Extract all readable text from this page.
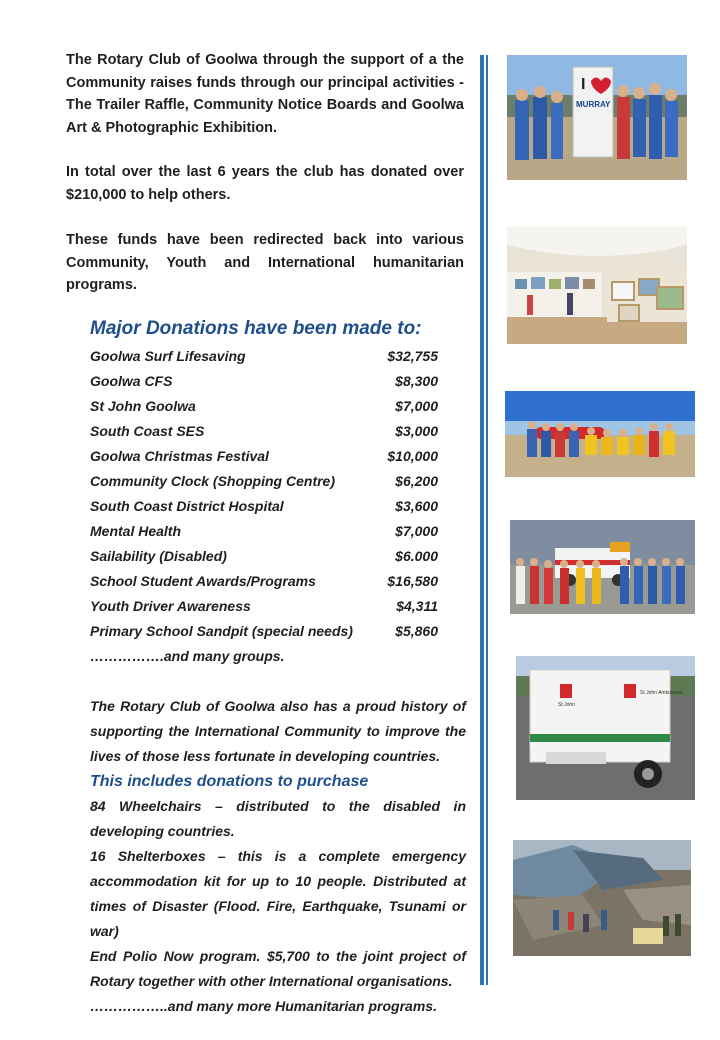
The Rotary Club of Goolwa through the support of a the Community raises funds through our principal activities - The Trailer Raffle, Community Notice Boards and Goolwa Art & Photographic Exhibition.

In total over the last 6 years the club has donated over $210,000 to help others.

These funds have been redirected back into various Community, Youth and International humanitarian programs.

Major Donations have been made to:

Goolwa Surf Lifesaving	$32,755
Goolwa CFS	$8,300
St John Goolwa	$7,000
South Coast SES	$3,000
Goolwa Christmas Festival	$10,000
Community Clock (Shopping Centre)	$6,200
South Coast District Hospital	$3,600
Mental Health	$7,000
Sailability (Disabled)	$6.000
School Student Awards/Programs	$16,580
Youth Driver Awareness	$4,311
Primary School Sandpit (special needs)	$5,860

…………….and many groups.

The Rotary Club of Goolwa also has a proud history of supporting the International Community to improve the lives of those less fortunate in developing countries.

This includes donations to purchase

84 Wheelchairs – distributed to the disabled in developing countries.

16 Shelterboxes – this is a complete emergency accommodation kit for up to 10 people. Distributed at times of Disaster (Flood. Fire, Earthquake, Tsunami or war)

End Polio Now program. $5,700 to the joint project of Rotary together with other International organisations.

……………..and many more Humanitarian programs.

I
MURRAY
St John Ambulance
St John
